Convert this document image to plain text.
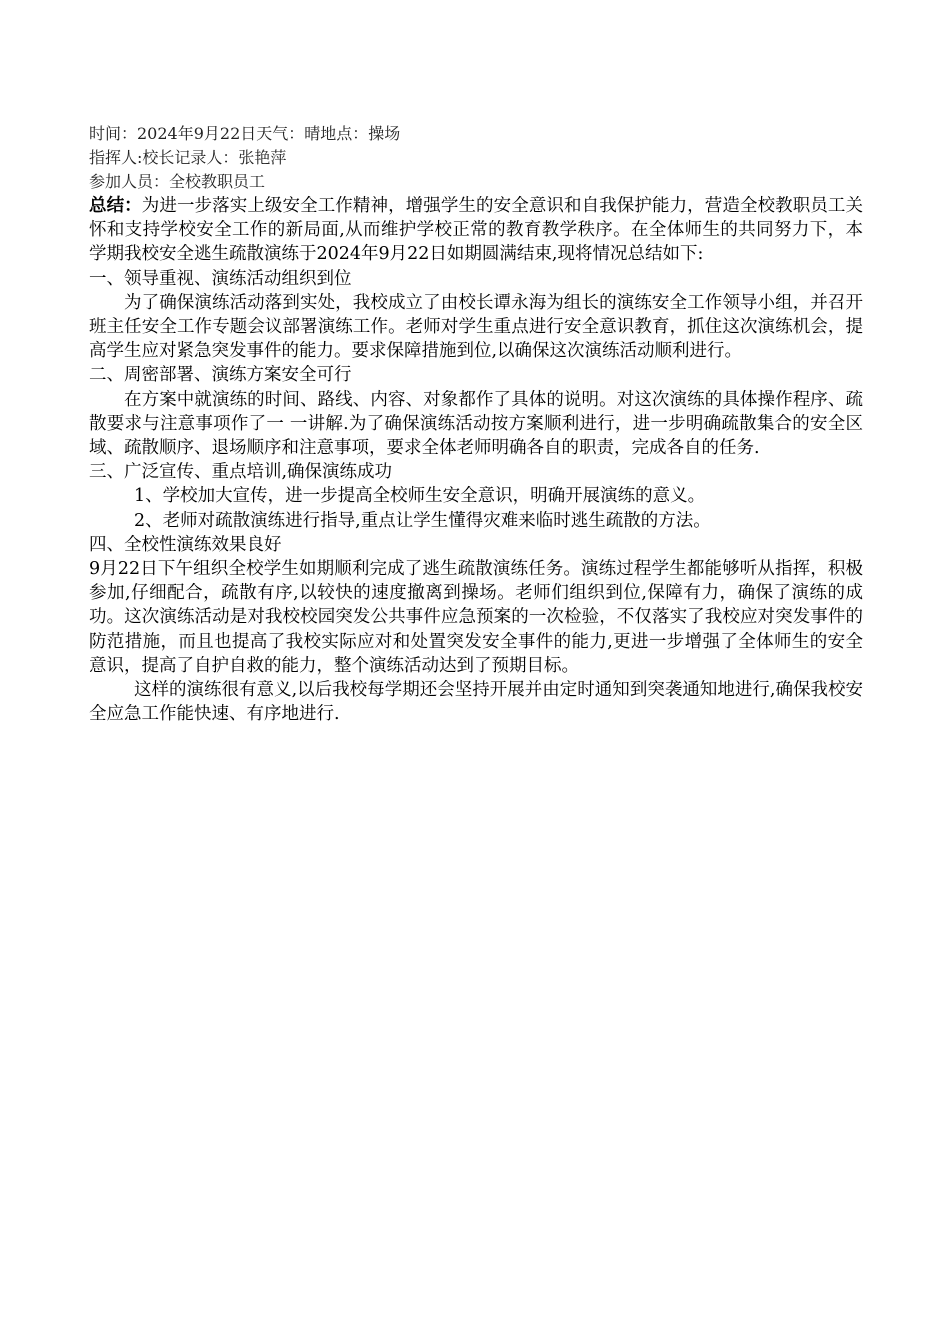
时间：2024年9月22日天气：晴地点：操场
指挥人:校长记录人：张艳萍
参加人员：全校教职员工

总结：为进一步落实上级安全工作精神，增强学生的安全意识和自我保护能力，营造全校教职员工关怀和支持学校安全工作的新局面,从而维护学校正常的教育教学秩序。在全体师生的共同努力下，本学期我校安全逃生疏散演练于2024年9月22日如期圆满结束,现将情况总结如下:

一、领导重视、演练活动组织到位

为了确保演练活动落到实处，我校成立了由校长谭永海为组长的演练安全工作领导小组，并召开班主任安全工作专题会议部署演练工作。老师对学生重点进行安全意识教育，抓住这次演练机会，提高学生应对紧急突发事件的能力。要求保障措施到位,以确保这次演练活动顺利进行。

二、周密部署、演练方案安全可行

在方案中就演练的时间、路线、内容、对象都作了具体的说明。对这次演练的具体操作程序、疏散要求与注意事项作了一 一讲解.为了确保演练活动按方案顺利进行，进一步明确疏散集合的安全区域、疏散顺序、退场顺序和注意事项，要求全体老师明确各自的职责，完成各自的任务.

三、广泛宣传、重点培训,确保演练成功

1、学校加大宣传，进一步提高全校师生安全意识，明确开展演练的意义。

2、老师对疏散演练进行指导,重点让学生懂得灾难来临时逃生疏散的方法。

四、全校性演练效果良好

9月22日下午组织全校学生如期顺利完成了逃生疏散演练任务。演练过程学生都能够听从指挥，积极参加,仔细配合，疏散有序,以较快的速度撤离到操场。老师们组织到位,保障有力，确保了演练的成功。这次演练活动是对我校校园突发公共事件应急预案的一次检验，不仅落实了我校应对突发事件的防范措施，而且也提高了我校实际应对和处置突发安全事件的能力,更进一步增强了全体师生的安全意识，提高了自护自救的能力，整个演练活动达到了预期目标。

这样的演练很有意义,以后我校每学期还会坚持开展并由定时通知到突袭通知地进行,确保我校安全应急工作能快速、有序地进行.
